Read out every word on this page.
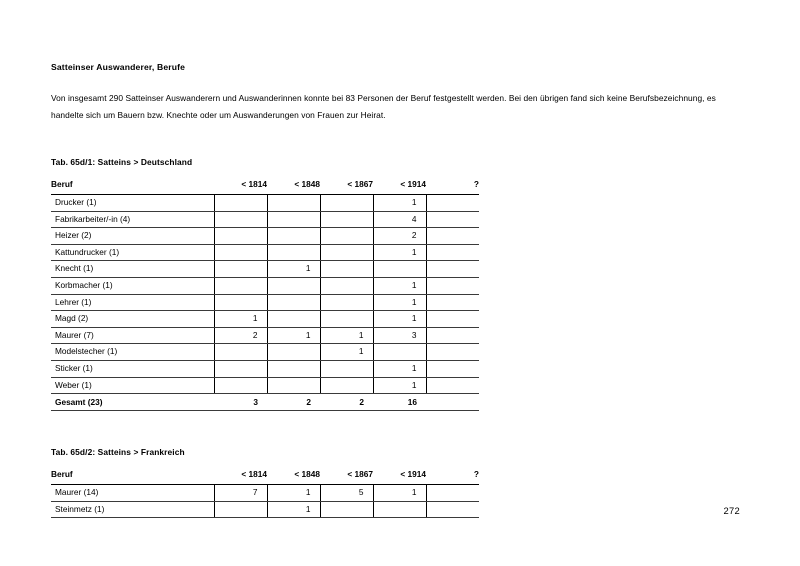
Satteinser Auswanderer, Berufe

Von insgesamt 290 Satteinser Auswanderern und Auswanderinnen konnte bei 83 Personen der Beruf festgestellt werden. Bei den übrigen fand sich keine Berufsbezeichnung, es handelte sich um Bauern bzw. Knechte oder um Auswanderungen von Frauen zur Heirat.

Tab. 65d/1: Satteins > Deutschland
Beruf	< 1814	< 1848	< 1867	< 1914	?
Drucker (1)				1	
Fabrikarbeiter/-in (4)				4	
Heizer (2)				2	
Kattundrucker (1)				1	
Knecht (1)		1			
Korbmacher (1)				1	
Lehrer (1)				1	
Magd (2)	1			1	
Maurer (7)	2	1	1	3	
Modelstecher (1)			1		
Sticker (1)				1	
Weber (1)				1	
Gesamt (23)	3	2	2	16	
Tab. 65d/2: Satteins > Frankreich
Beruf	< 1814	< 1848	< 1867	< 1914	?
Maurer (14)	7	1	5	1	
Steinmetz (1)		1				272
